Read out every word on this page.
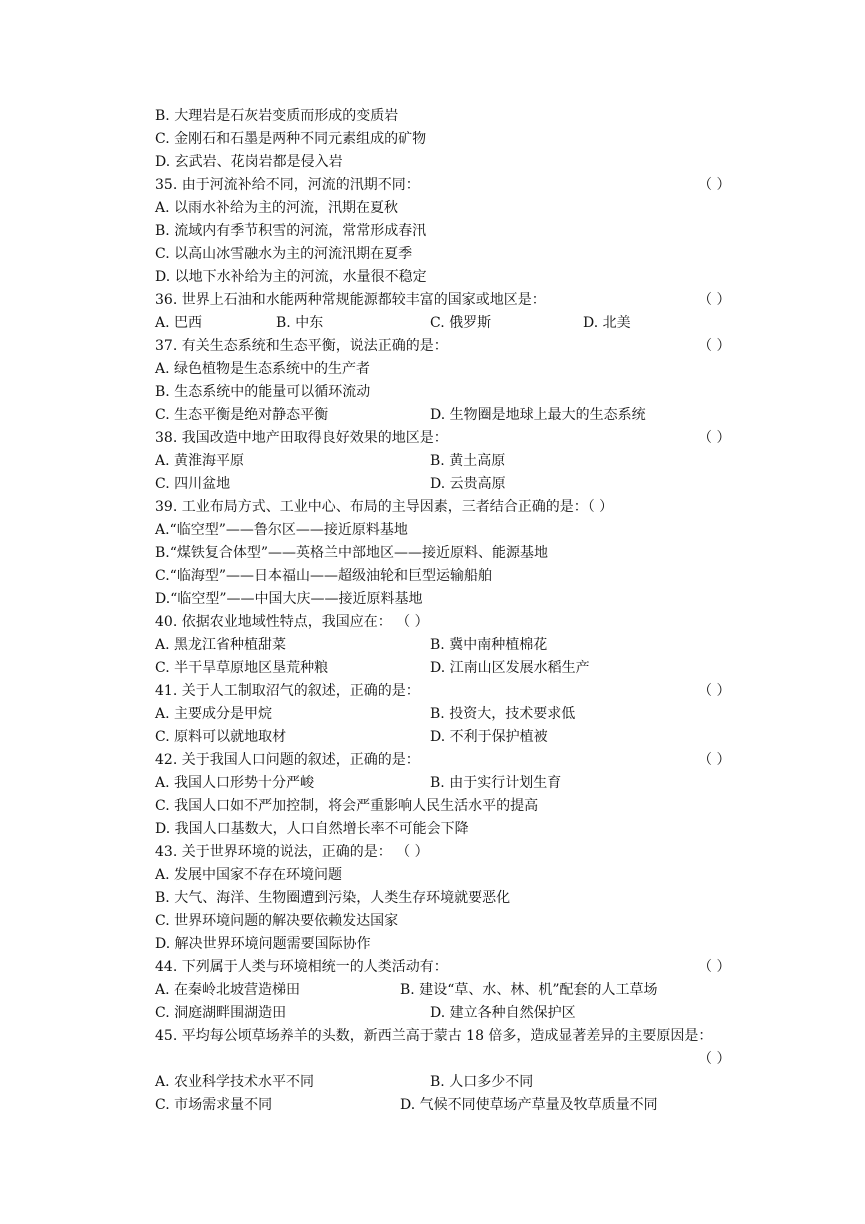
B. 大理岩是石灰岩变质而形成的变质岩
C. 金刚石和石墨是两种不同元素组成的矿物
D. 玄武岩、花岗岩都是侵入岩
35. 由于河流补给不同，河流的汛期不同：	（ ）
A. 以雨水补给为主的河流，汛期在夏秋
B. 流域内有季节积雪的河流，常常形成春汛
C. 以高山冰雪融水为主的河流汛期在夏季
D. 以地下水补给为主的河流，水量很不稳定
36. 世界上石油和水能两种常规能源都较丰富的国家或地区是：	（ ）
A. 巴西	B. 中东	C. 俄罗斯	D. 北美
37. 有关生态系统和生态平衡，说法正确的是：	（ ）
A. 绿色植物是生态系统中的生产者
B. 生态系统中的能量可以循环流动
C. 生态平衡是绝对静态平衡	D. 生物圈是地球上最大的生态系统
38. 我国改造中地产田取得良好效果的地区是：	（ ）
A. 黄淮海平原	B. 黄土高原
C. 四川盆地	D. 云贵高原
39. 工业布局方式、工业中心、布局的主导因素，三者结合正确的是：（ ）
A.“临空型”——鲁尔区——接近原料基地
B.“煤铁复合体型”——英格兰中部地区——接近原料、能源基地
C.“临海型”——日本福山——超级油轮和巨型运输船舶
D.“临空型”——中国大庆——接近原料基地
40. 依据农业地域性特点，我国应在： （ ）
A. 黑龙江省种植甜菜	B. 冀中南种植棉花
C. 半干旱草原地区垦荒种粮	D. 江南山区发展水稻生产
41. 关于人工制取沼气的叙述，正确的是：	（ ）
A. 主要成分是甲烷	B. 投资大，技术要求低
C. 原料可以就地取材	D. 不利于保护植被
42. 关于我国人口问题的叙述，正确的是：	（ ）
A. 我国人口形势十分严峻	B. 由于实行计划生育
C. 我国人口如不严加控制，将会严重影响人民生活水平的提高
D. 我国人口基数大，人口自然增长率不可能会下降
43. 关于世界环境的说法，正确的是： （ ）
A. 发展中国家不存在环境问题
B. 大气、海洋、生物圈遭到污染，人类生存环境就要恶化
C. 世界环境问题的解决要依赖发达国家
D. 解决世界环境问题需要国际协作
44. 下列属于人类与环境相统一的人类活动有：	（ ）
A. 在秦岭北坡营造梯田	B. 建设“草、水、林、机”配套的人工草场
C. 洞庭湖畔围湖造田	D. 建立各种自然保护区
45. 平均每公顷草场养羊的头数，新西兰高于蒙古 18 倍多，造成显著差异的主要原因是：
（ ）
A. 农业科学技术水平不同	B. 人口多少不同
C. 市场需求量不同	D. 气候不同使草场产草量及牧草质量不同
